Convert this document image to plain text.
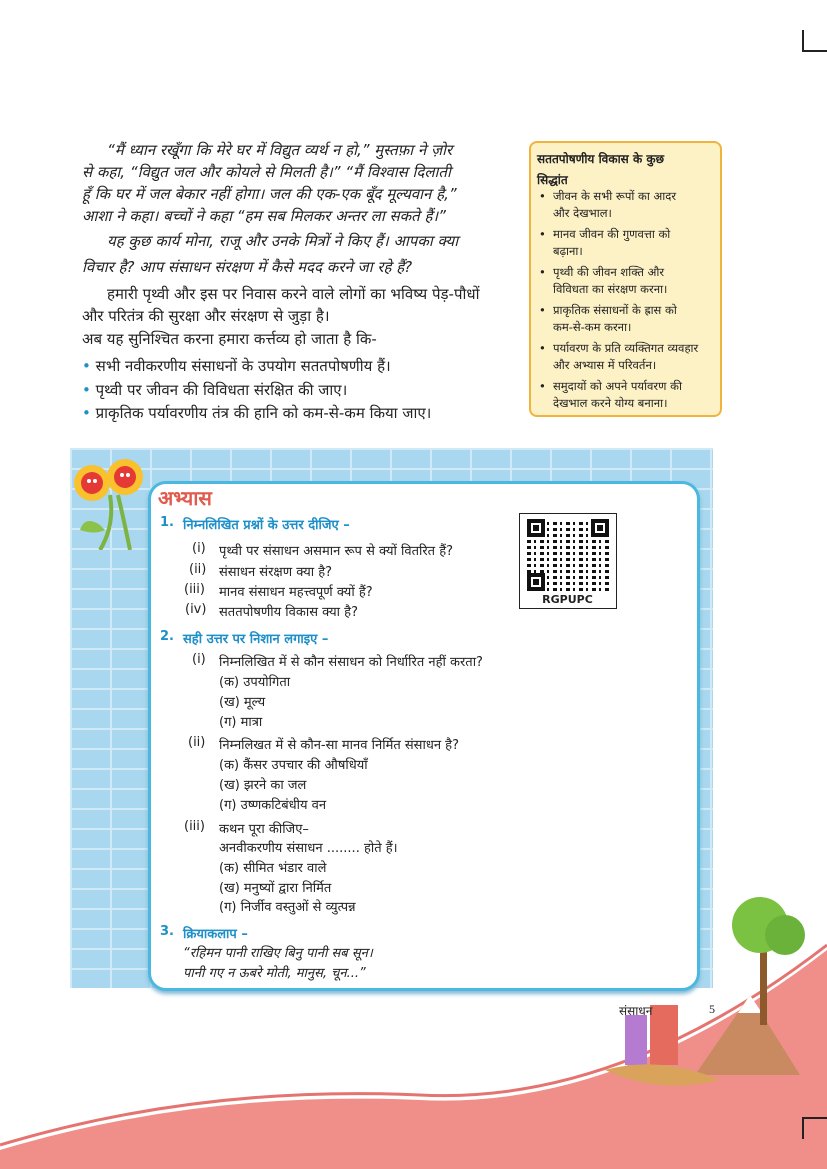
“मैं ध्यान रखूँगा कि मेरे घर में विद्युत व्यर्थ न हो,” मुस्तफ़ा ने ज़ोर
से कहा, “विद्युत जल और कोयले से मिलती है।” “मैं विश्वास दिलाती
हूँ कि घर में जल बेकार नहीं होगा। जल की एक-एक बूँद मूल्यवान है,”
आशा ने कहा। बच्चों ने कहा “हम सब मिलकर अन्तर ला सकते हैं।”
यह कुछ कार्य मोना, राजू और उनके मित्रों ने किए हैं। आपका क्या
विचार है? आप संसाधन संरक्षण में कैसे मदद करने जा रहे हैं?
हमारी पृथ्वी और इस पर निवास करने वाले लोगों का भविष्य पेड़-पौधों
और परितंत्र की सुरक्षा और संरक्षण से जुड़ा है।
अब यह सुनिश्चित करना हमारा कर्त्तव्य हो जाता है कि-
• सभी नवीकरणीय संसाधनों के उपयोग सततपोषणीय हैं।
• पृथ्वी पर जीवन की विविधता संरक्षित की जाए।
• प्राकृतिक पर्यावरणीय तंत्र की हानि को कम-से-कम किया जाए।
सततपोषणीय विकास के कुछ
सिद्धांत
• जीवन के सभी रूपों का आदर
और देखभाल।
• मानव जीवन की गुणवत्ता को
बढ़ाना।
• पृथ्वी की जीवन शक्ति और
विविधता का संरक्षण करना।
• प्राकृतिक संसाधनों के ह्रास को
कम-से-कम करना।
• पर्यावरण के प्रति व्यक्तिगत व्यवहार
और अभ्यास में परिवर्तन।
• समुदायों को अपने पर्यावरण की
देखभाल करने योग्य बनाना।
अभ्यास
1. निम्नलिखित प्रश्नों के उत्तर दीजिए –
(i) पृथ्वी पर संसाधन असमान रूप से क्यों वितरित हैं?
(ii) संसाधन संरक्षण क्या है?
(iii) मानव संसाधन महत्त्वपूर्ण क्यों हैं?
(iv) सततपोषणीय विकास क्या है?
2. सही उत्तर पर निशान लगाइए –
(i) निम्नलिखित में से कौन संसाधन को निर्धारित नहीं करता?
(क) उपयोगिता
(ख) मूल्य
(ग) मात्रा
(ii) निम्नलिखत में से कौन-सा मानव निर्मित संसाधन है?
(क) कैंसर उपचार की औषधियाँ
(ख) झरने का जल
(ग) उष्णकटिबंधीय वन
(iii) कथन पूरा कीजिए–
अनवीकरणीय संसाधन ........ होते हैं।
(क) सीमित भंडार वाले
(ख) मनुष्यों द्वारा निर्मित
(ग) निर्जीव वस्तुओं से व्युत्पन्न
3. क्रियाकलाप –
“रहिमन पानी राखिए बिनु पानी सब सून।
पानी गए न ऊबरे मोती, मानुस, चून...”
RGPUPC
संसाधन	5
